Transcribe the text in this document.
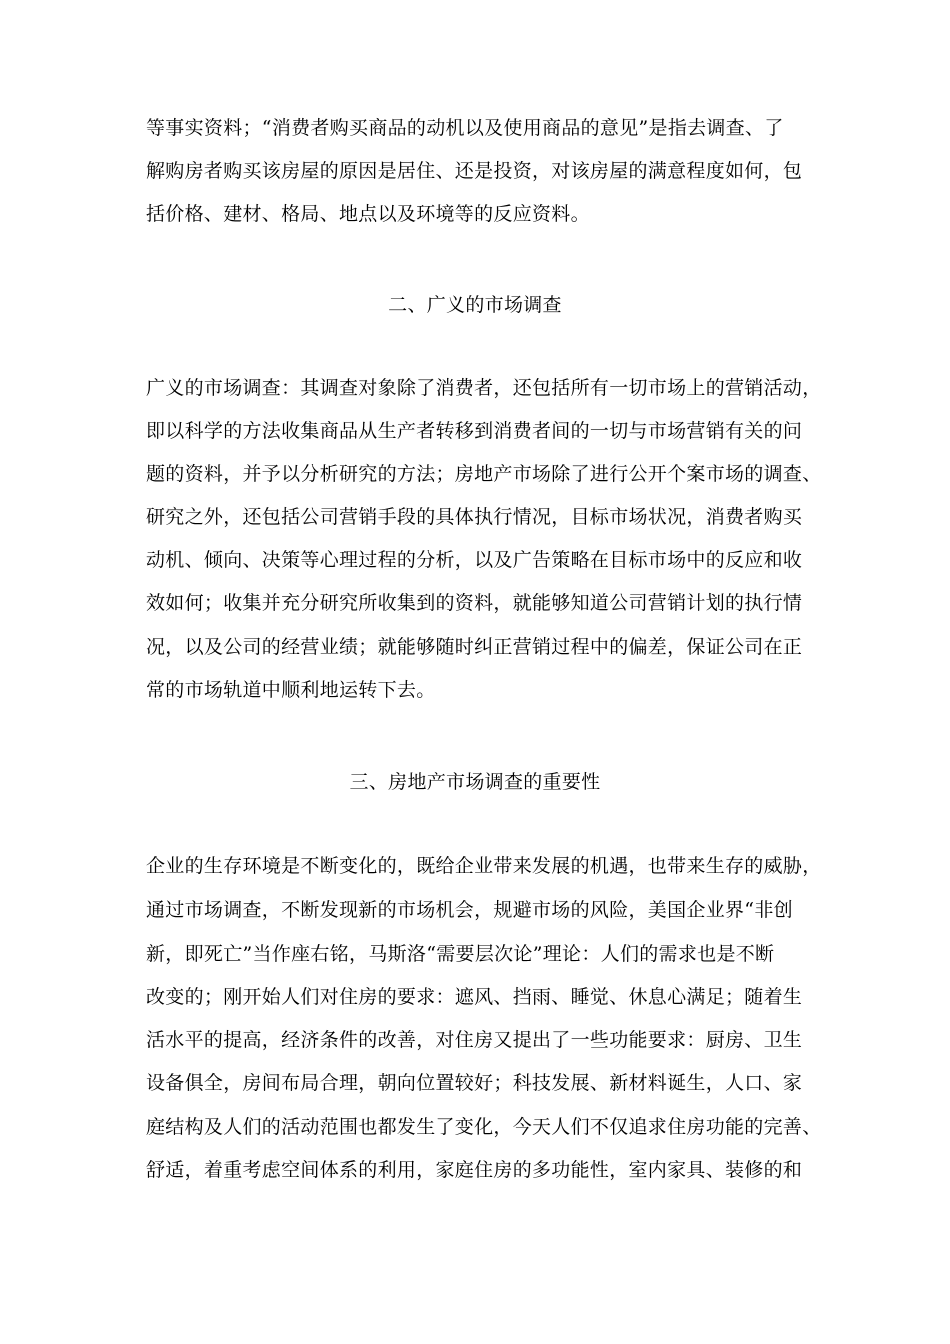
等事实资料；“消费者购买商品的动机以及使用商品的意见”是指去调查、了
解购房者购买该房屋的原因是居住、还是投资，对该房屋的满意程度如何，包
括价格、建材、格局、地点以及环境等的反应资料。
二、广义的市场调查
广义的市场调查：其调查对象除了消费者，还包括所有一切市场上的营销活动，
即以科学的方法收集商品从生产者转移到消费者间的一切与市场营销有关的问
题的资料，并予以分析研究的方法；房地产市场除了进行公开个案市场的调查、
研究之外，还包括公司营销手段的具体执行情况，目标市场状况，消费者购买
动机、倾向、决策等心理过程的分析，以及广告策略在目标市场中的反应和收
效如何；收集并充分研究所收集到的资料，就能够知道公司营销计划的执行情
况，以及公司的经营业绩；就能够随时纠正营销过程中的偏差，保证公司在正
常的市场轨道中顺利地运转下去。
三、房地产市场调查的重要性
企业的生存环境是不断变化的，既给企业带来发展的机遇，也带来生存的威胁，
通过市场调查，不断发现新的市场机会，规避市场的风险，美国企业界“非创
新，即死亡”当作座右铭，马斯洛“需要层次论”理论：人们的需求也是不断
改变的；刚开始人们对住房的要求：遮风、挡雨、睡觉、休息心满足；随着生
活水平的提高，经济条件的改善，对住房又提出了一些功能要求：厨房、卫生
设备俱全，房间布局合理，朝向位置较好；科技发展、新材料诞生，人口、家
庭结构及人们的活动范围也都发生了变化，今天人们不仅追求住房功能的完善、
舒适，着重考虑空间体系的利用，家庭住房的多功能性，室内家具、装修的和
